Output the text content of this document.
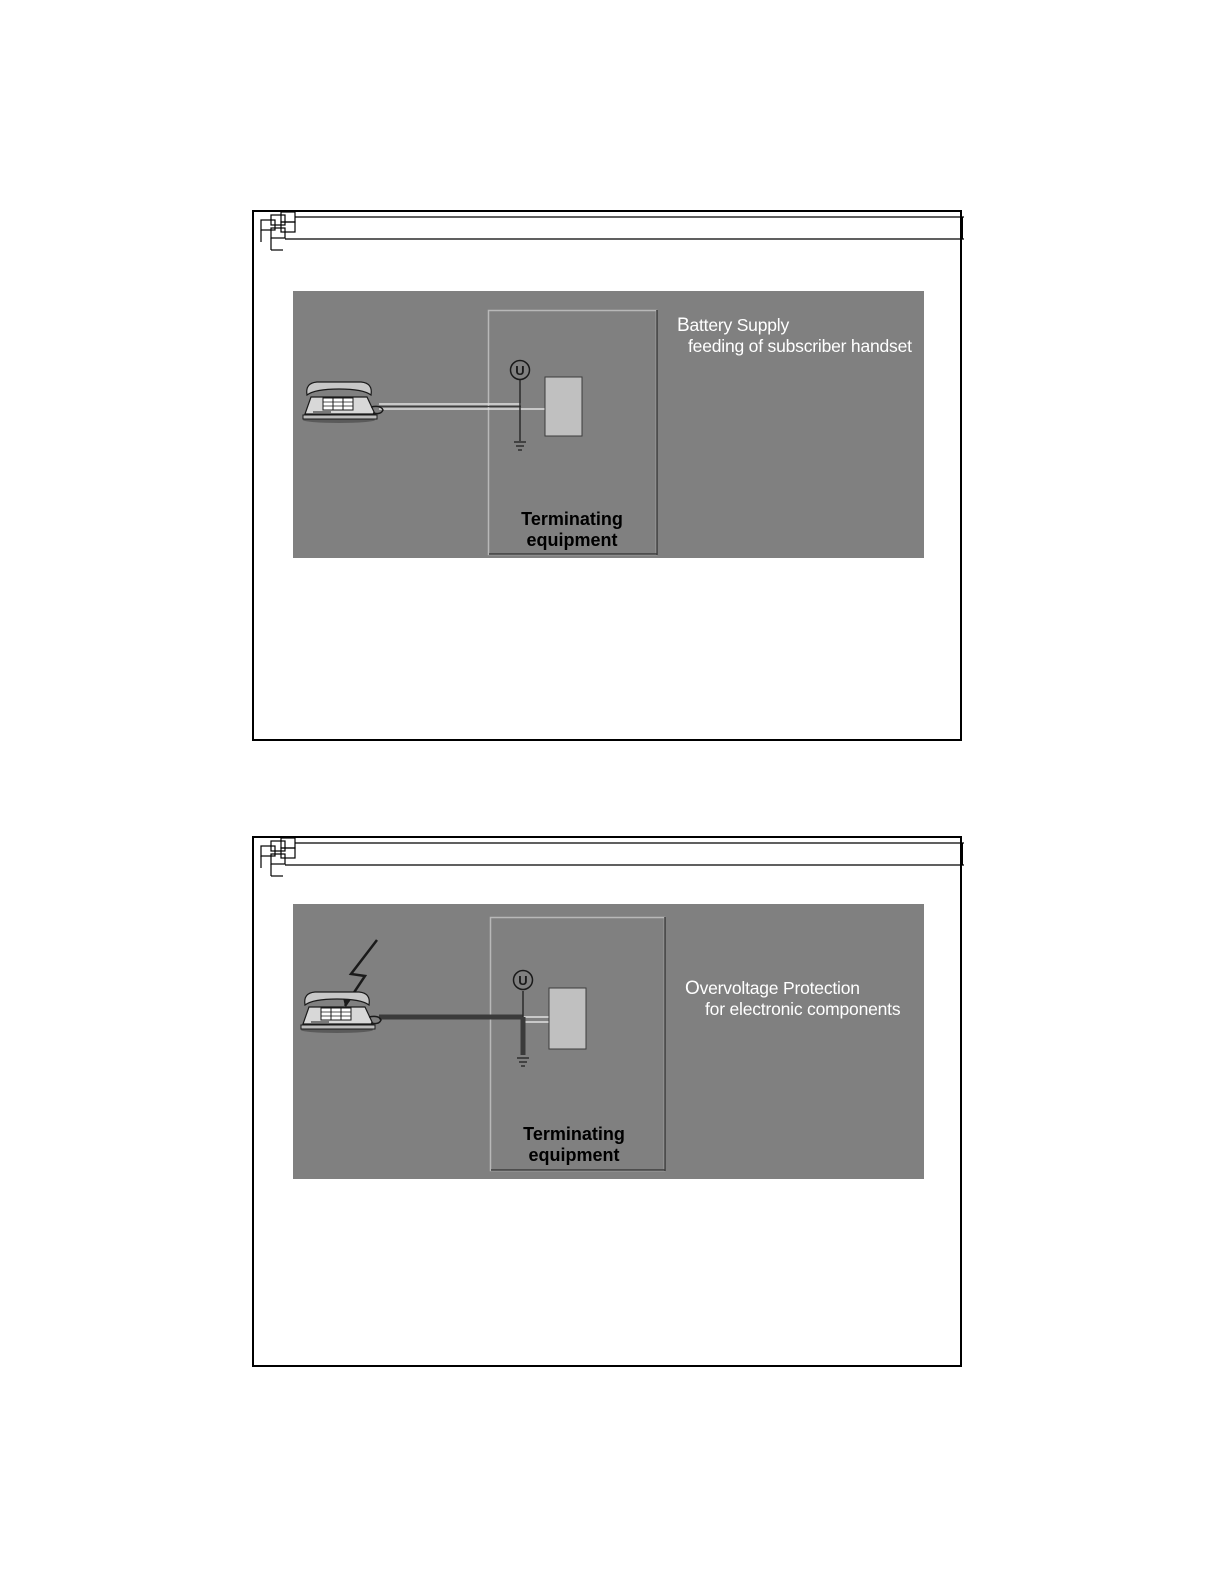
U
Battery Supply
feeding of subscriber handset
Terminating
equipment
U	Overvoltage Protection
for electronic components
Terminating
equipment
